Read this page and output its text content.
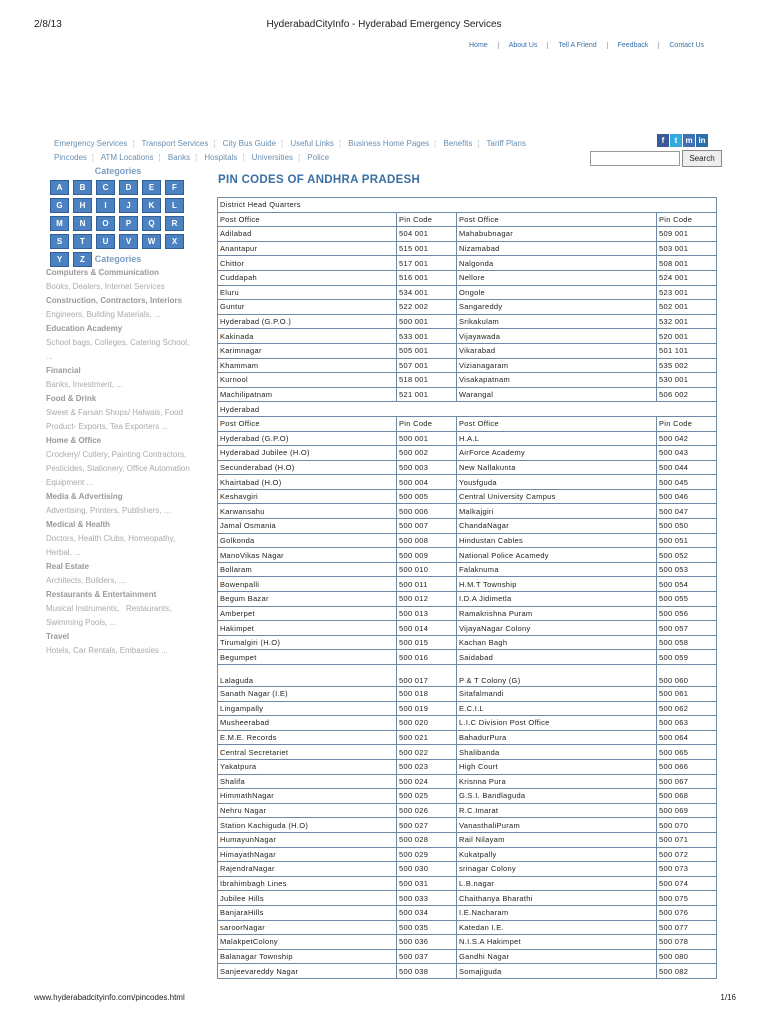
2/8/13	HyderabadCityInfo - Hyderabad Emergency Services
Home	About Us	Tell A Friend	Feedback	Contact Us
Emergency Services ¦ Transport Services ¦ City Bus Guide ¦ Useful Links ¦ Business Home Pages ¦ Benefits ¦ Tariff Plans
Pincodes ¦ ATM Locations ¦ Banks ¦ Hospitals ¦ Universities ¦ Police
f	t	m in
Search
Categories
A	B	C	D	E	F
G	H	I	J	K	L
M	N	O	P	Q	R
S	T	U	V	W	X
Y	Z	Categories
Computers & Communication
Books, Dealers, Internet Services
Construction, Contractors, Interiors
Engineers, Building Materials, ...
Education Academy
School bags, Colleges, Catering School, ...
Financial
Banks, Investment, ...
Food & Drink
Sweet & Farsan Shops/ Halwais, Food Product- Exports, Tea Exporters ...
Home & Office
Crockery/ Cutlery, Painting Contractors, Pesticides, Stationery, Office Automation Equipment ...
Media & Advertising
Advertising, Printers, Publishers, ...
Medical & Health
Doctors, Health Clubs, Homeopathy, Herbal, ...
Real Estate
Architects, Builders, ...
Restaurants & Entertainment
Musical Instruments,   Restaurants, Swimming Pools, ...
Travel
Hotels, Car Rentals, Embassies ...
PIN CODES OF ANDHRA PRADESH
District Head Quarters			
Post Office	Pin Code	Post Office	Pin Code
Adilabad	504 001	Mahabubnagar	509 001
Anantapur	515 001	Nizamabad	503 001
Chittor	517 001	Nalgonda	508 001
Cuddapah	516 001	Nellore	524 001
Eluru	534 001	Ongole	523 001
Guntur	522 002	Sangareddy	502 001
Hyderabad (G.P.O.)	500 001	Srikakulam	532 001
Kakinada	533 001	Vijayawada	520 001
Karimnagar	505 001	Vikarabad	501 101
Khammam	507 001	Vizianagaram	535 002
Kurnool	518 001	Visakapatnam	530 001
Machilipatnam	521 001	Warangal	506 002
Hyderabad			
Post Office	Pin Code	Post Office	Pin Code
Hyderabad (G.P.O)	500 001	H.A.L	500 042
Hyderabad Jubilee (H.O)	500 002	AirForce Academy	500 043
Secunderabad (H.O)	500 003	New Nallakunta	500 044
Khairtabad (H.O)	500 004	Yousfguda	500 045
Keshavgiri	500 005	Central University Campus	500 046
Karwansahu	500 006	Malkajgiri	500 047
Jamal Osmania	500 007	ChandaNagar	500 050
Golkonda	500 008	Hindustan Cables	500 051
ManoVikas Nagar	500 009	National Police Acamedy	500 052
Bollaram	500 010	Falaknuma	500 053
Bowenpalli	500 011	H.M.T Township	500 054
Begum Bazar	500 012	I.D.A Jidimetla	500 055
Amberpet	500 013	Ramakrishna Puram	500 056
Hakimpet	500 014	VijayaNagar Colony	500 057
Tirumalgiri (H.O)	500 015	Kachan Bagh	500 058
Begumpet	500 016	Saidabad	500 059
Lalaguda	500 017	P & T Colony (G)	500 060
Sanath Nagar (I.E)	500 018	Sitafalmandi	500 061
Lingampally	500 019	E.C.I.L	500 062
Musheerabad	500 020	L.I.C Division Post Office	500 063
E.M.E. Records	500 021	BahadurPura	500 064
Central Secretariet	500 022	Shalibanda	500 065
Yakatpura	500 023	High Court	500 066
Shalifa	500 024	Krisnna Pura	500 067
HimmathNagar	500 025	G.S.I. Bandlaguda	500 068
Nehru Nagar	500 026	R.C.Imarat	500 069
Station Kachiguda (H.O)	500 027	VanasthaliPuram	500 070
HumayunNagar	500 028	Rail Nilayam	500 071
HimayathNagar	500 029	Kukatpally	500 072
RajendraNagar	500 030	srinagar Colony	500 073
Ibrahimbagh Lines	500 031	L.B.nagar	500 074
Jubilee Hills	500 033	Chaithanya Bharathi	500 075
BanjaraHills	500 034	I.E.Nacharam	500 076
saroorNagar	500 035	Katedan I.E.	500 077
MalakpetColony	500 036	N.I.S.A Hakimpet	500 078
Balanagar Township	500 037	Gandhi Nagar	500 080
Sanjeevareddy Nagar	500 038	Somajiguda	500 082
www.hyderabadcityinfo.com/pincodes.html	1/16
